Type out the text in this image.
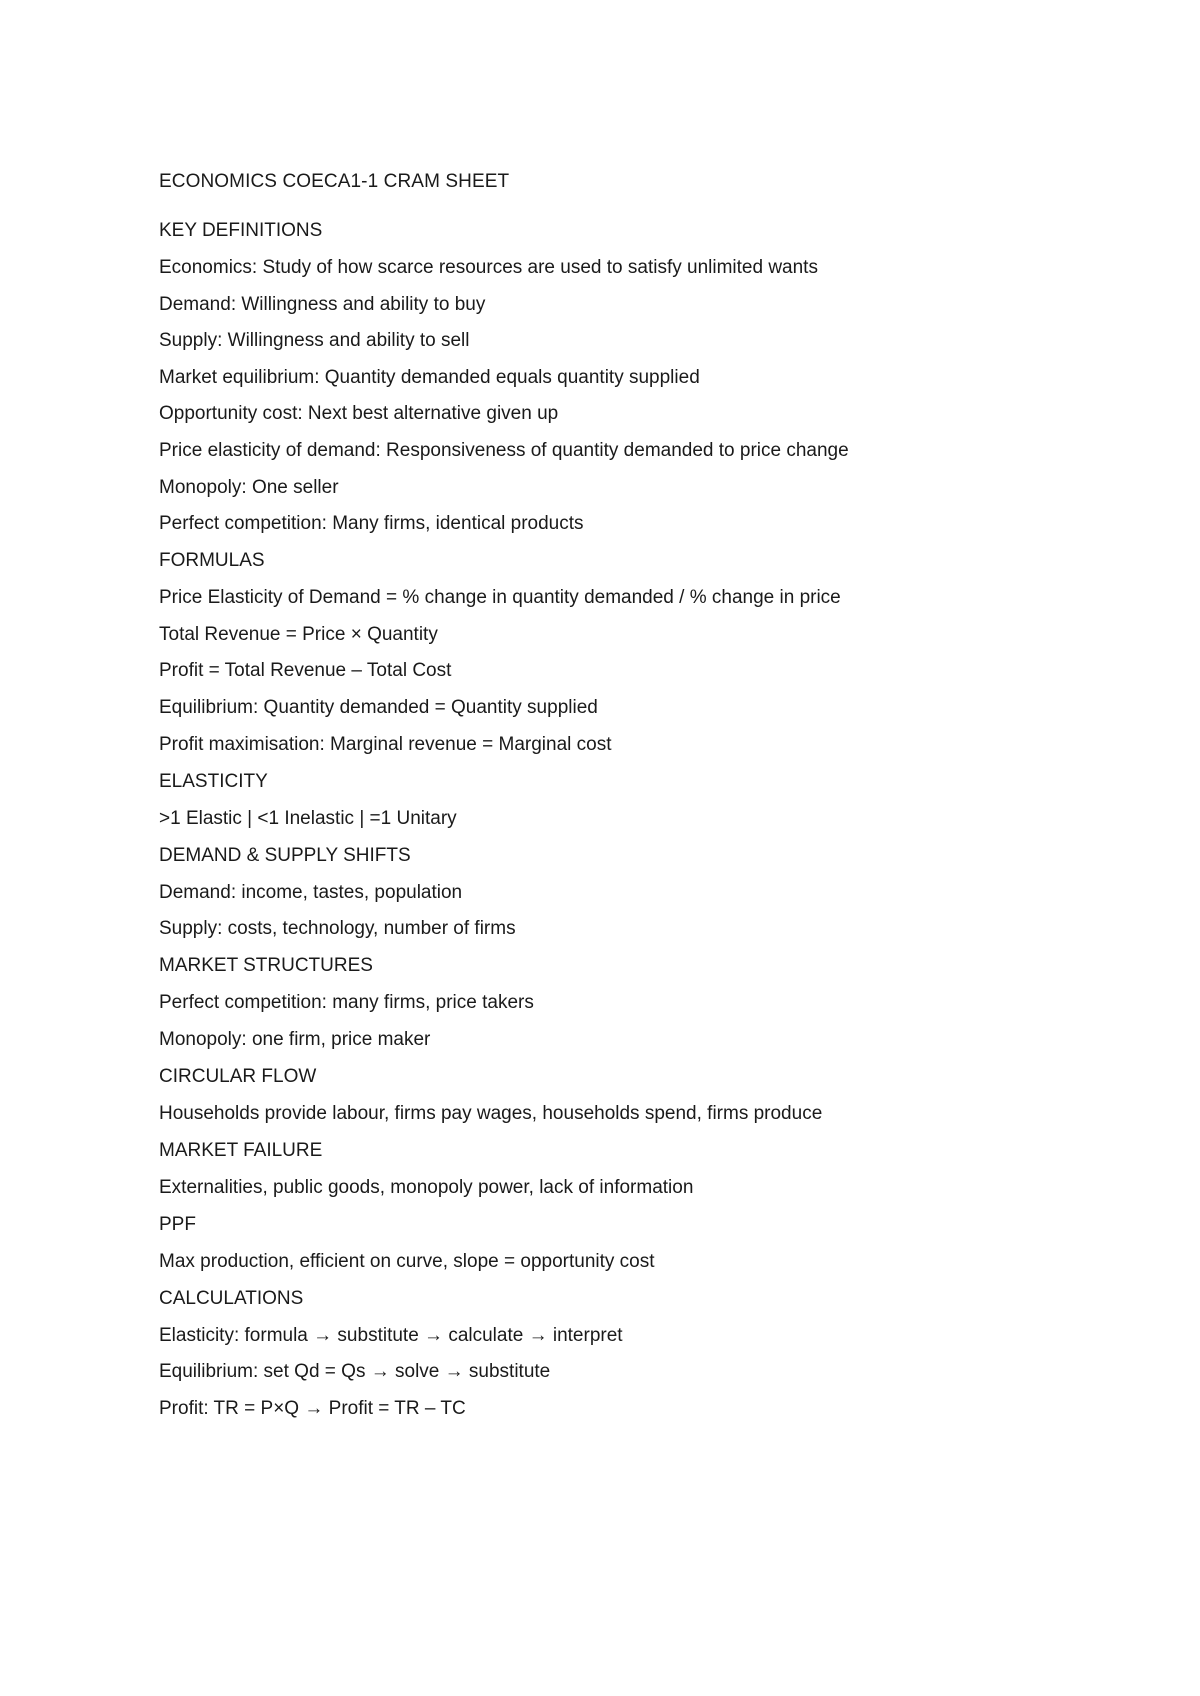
ECONOMICS COECA1-1 CRAM SHEET
KEY DEFINITIONS
Economics: Study of how scarce resources are used to satisfy unlimited wants
Demand: Willingness and ability to buy
Supply: Willingness and ability to sell
Market equilibrium: Quantity demanded equals quantity supplied
Opportunity cost: Next best alternative given up
Price elasticity of demand: Responsiveness of quantity demanded to price change
Monopoly: One seller
Perfect competition: Many firms, identical products
FORMULAS
Price Elasticity of Demand = % change in quantity demanded / % change in price
Total Revenue = Price × Quantity
Profit = Total Revenue – Total Cost
Equilibrium: Quantity demanded = Quantity supplied
Profit maximisation: Marginal revenue = Marginal cost
ELASTICITY
>1 Elastic | <1 Inelastic | =1 Unitary
DEMAND & SUPPLY SHIFTS
Demand: income, tastes, population
Supply: costs, technology, number of firms
MARKET STRUCTURES
Perfect competition: many firms, price takers
Monopoly: one firm, price maker
CIRCULAR FLOW
Households provide labour, firms pay wages, households spend, firms produce
MARKET FAILURE
Externalities, public goods, monopoly power, lack of information
PPF
Max production, efficient on curve, slope = opportunity cost
CALCULATIONS
Elasticity: formula → substitute → calculate → interpret
Equilibrium: set Qd = Qs → solve → substitute
Profit: TR = P×Q → Profit = TR – TC
